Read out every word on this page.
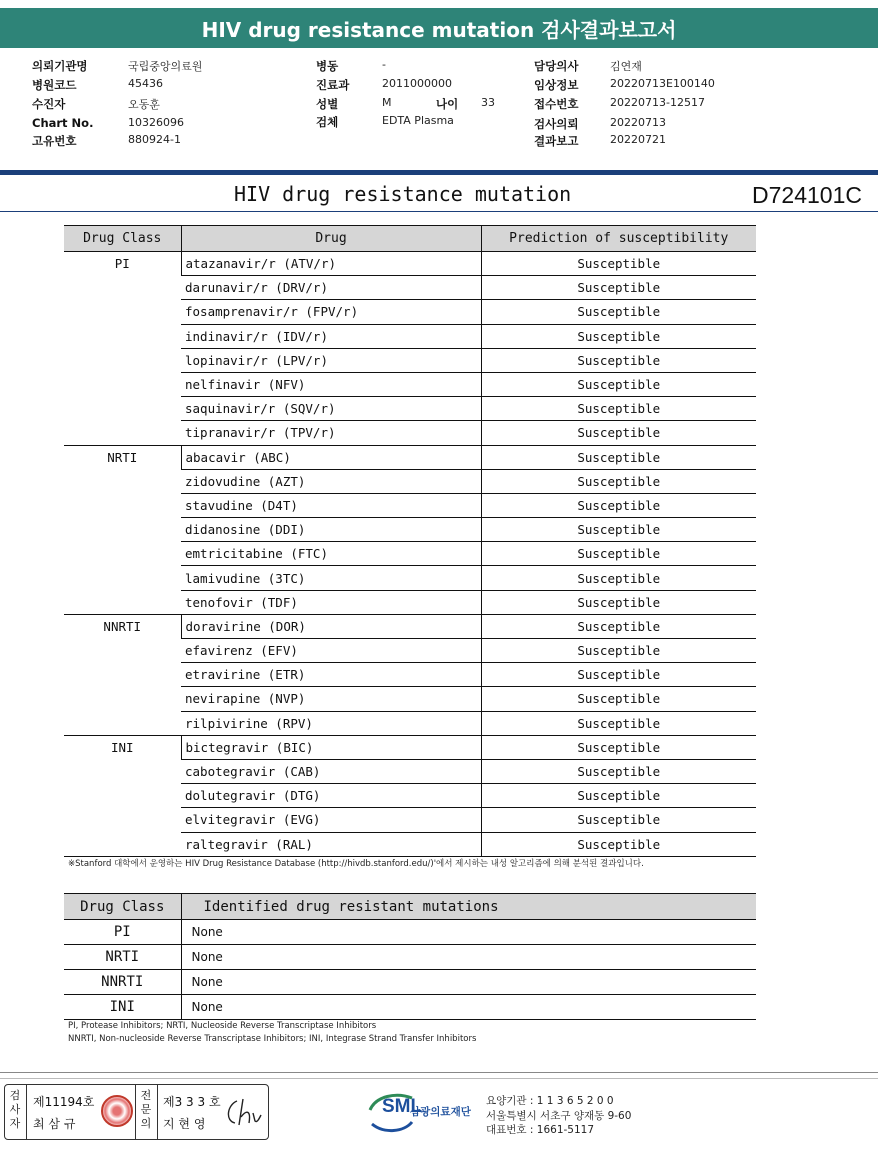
HIV drug resistance mutation 검사결과보고서
의뢰기관명	국립중앙의료원
병원코드	45436
수진자	오동훈
Chart No.	10326096
고유번호	880924-1
병동	-
진료과	2011000000
성별	M	나이 33
검체	EDTA Plasma
담당의사	김연재
임상정보	20220713E100140
접수번호	20220713-12517
검사의뢰	20220713
결과보고	20220721
HIV drug resistance mutation	D724101C
Drug Class	Drug	Prediction of susceptibility
PI	atazanavir/r (ATV/r)	Susceptible
	darunavir/r (DRV/r)	Susceptible
	fosamprenavir/r (FPV/r)	Susceptible
	indinavir/r (IDV/r)	Susceptible
	lopinavir/r (LPV/r)	Susceptible
	nelfinavir (NFV)	Susceptible
	saquinavir/r (SQV/r)	Susceptible
	tipranavir/r (TPV/r)	Susceptible
NRTI	abacavir (ABC)	Susceptible
	zidovudine (AZT)	Susceptible
	stavudine (D4T)	Susceptible
	didanosine (DDI)	Susceptible
	emtricitabine (FTC)	Susceptible
	lamivudine (3TC)	Susceptible
	tenofovir (TDF)	Susceptible
NNRTI	doravirine (DOR)	Susceptible
	efavirenz (EFV)	Susceptible
	etravirine (ETR)	Susceptible
	nevirapine (NVP)	Susceptible
	rilpivirine (RPV)	Susceptible
INI	bictegravir (BIC)	Susceptible
	cabotegravir (CAB)	Susceptible
	dolutegravir (DTG)	Susceptible
	elvitegravir (EVG)	Susceptible
	raltegravir (RAL)	Susceptible
※Stanford 대학에서 운영하는 HIV Drug Resistance Database (http://hivdb.stanford.edu/)'에서 제시하는 내성 알고리즘에 의해 분석된 결과입니다.
Drug Class	Identified drug resistant mutations
PI	None
NRTI	None
NNRTI	None
INI	None
PI, Protease Inhibitors; NRTI, Nucleoside Reverse Transcriptase Inhibitors
NNRTI, Non-nucleoside Reverse Transcriptase Inhibitors; INI, Integrase Strand Transfer Inhibitors
검사자
제11194호
최 삼 규
전문의
제3 3 3 호
지 현 영
SML
삼광의료재단
요양기관 : 1 1 3 6 5 2 0 0
서울특별시 서초구 양재동 9-60
대표번호 : 1661-5117
